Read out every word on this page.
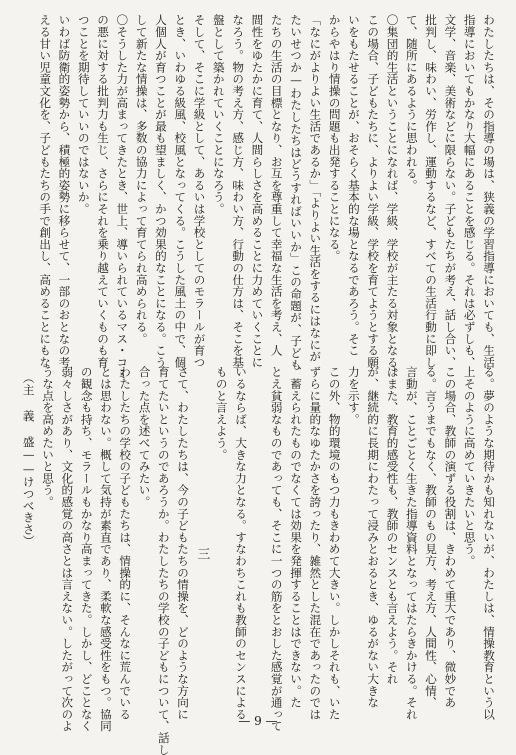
わたしたちは、その指導の場は、狭義の学習指導においても、生活
指導においてもかなり大幅にあることを感じる。それは必ずしも、
文学、音楽、美術などに限らない。子どもたちが考え、話し合い、
批判し、味わい、労作し、運動するなど、すべての生活行動に即し
て、随所にあるように思われる。
〇集団的生活ということになれば、学級、学校が主たる対象となる。
この場合、子どもたちに、よりよい学級、学校を育てようとする願
いをもたせることが、おそらく基本的な場となるであろう。そこ
からやはり情操の問題も出発することになる。
「なにがよりよい生活であるか」「よりよい生活をするにはなにが
たいせつか—わたしたちはどうすればいいか」この命題が、子ども
たちの生活の目標となり、お互を尊重して幸福な生活を考え、人
間性をゆたかに育て、人間らしさを高めることに力めていくことに
なろう。物の考え方、感じ方、味わい方、行動の仕方は、そこを基
盤として築かれていくことになろう。
そして、そこに学級として、あるいは学校としてのモラールが育つ
とき、いわゆる級風、校風となってくる。こうした風土の中で、個
人個人が育つことが最も望ましく、かつ効果的なことになる。こう
して新たな情操は、多数の協力によって育てられ高められる。
〇そうした力が高まってきたとき、世上、導いられているマス・コミ
の悪に対する批判力も生じ、さらにそれを乗り越えていくものも育
つことを期待していいのではないか。
いわば防衛的姿勢から、積極的姿勢に移らせて、一部のおとなの考
える甘い児童文化を、子どもたちの手で創出し、高めることにもな
る。夢のような期待かも知れないが、わたしは、情操教育という以
上そのように高めていきたいと思う。
この場合、教師の演ずる役割は、きわめて重大であり、微妙であ
る。言うまでもなく、教師のもの見方、考え方、人間性、心情、
言動が、ことごとく生きた指導資料となってはたらきかける。それ
はまた、教育的感受性も、教師のセンスとも言えよう。それ
が、継続的に長期にわたって浸みとおるとき、ゆるがない大きな
力を示す。
この外、物的環境のもつ力もきわめて大きい。しかしそれも、いた
ずらに量的なゆたかさを誇ったり、雑然とした混在であったのでは
、蓄えられたものでなくては効果を発揮することはできない。た
とえ貧弱なものであっても、そこに一つの筋をとおした感覚が通って
いるならば、大きな力となる。すなわちこれも教師のセンスによる
ものと言えよう。
三
さて、わたしたちは、今の子どもたちの情操を、どのような方向に
育てたいというのであろうか。わたしたちの学校の子どもについて、話し
合った点を述べてみたい。
わたしたちの学校の子どもたちは、情操的に、そんなに荒んでいる
とは思わない。概して気持が素直であり、柔軟な感受性をもつ。協同
の観念も持ち、モラールもかなり高まってきた。しかし、どことなく
弱々しさがあり、文化的感覚の高さとは言えない。したがって次のよ
うな点を高めたいと思う。
（主 義 盛——けつべきさ）
— 9 —
